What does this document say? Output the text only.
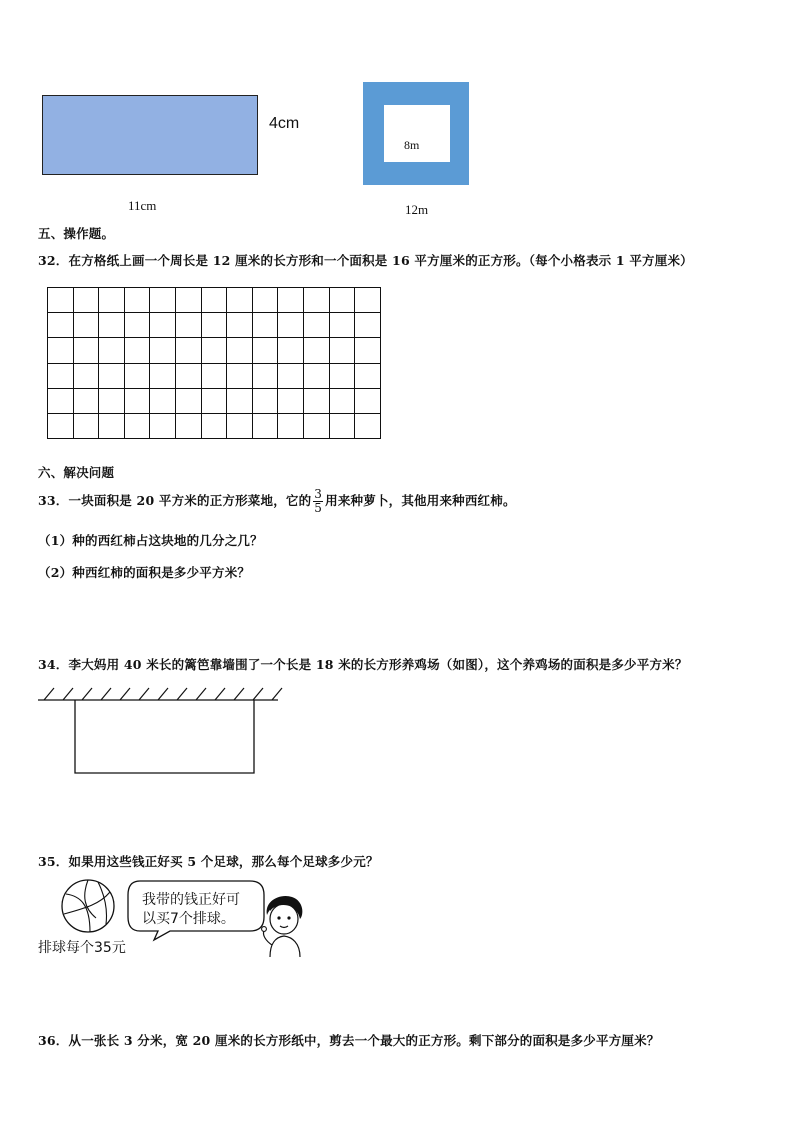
4cm
11cm
8m
12m
五、操作题。
32．在方格纸上画一个周长是 12 厘米的长方形和一个面积是 16 平方厘米的正方形。（每个小格表示 1 平方厘米）

六、解决问题
33．一块面积是 20 平方米的正方形菜地，它的 $\frac{3}{5}$ 用来种萝卜，其他用来种西红柿。
（1）种的西红柿占这块地的几分之几？
（2）种西红柿的面积是多少平方米？
34．李大妈用 40 米长的篱笆靠墙围了一个长是 18 米的长方形养鸡场（如图），这个养鸡场的面积是多少平方米？
35．如果用这些钱正好买 5 个足球，那么每个足球多少元？
排球每个35元
我带的钱正好可
以买7个排球。
36．从一张长 3 分米，宽 20 厘米的长方形纸中，剪去一个最大的正方形。剩下部分的面积是多少平方厘米？
